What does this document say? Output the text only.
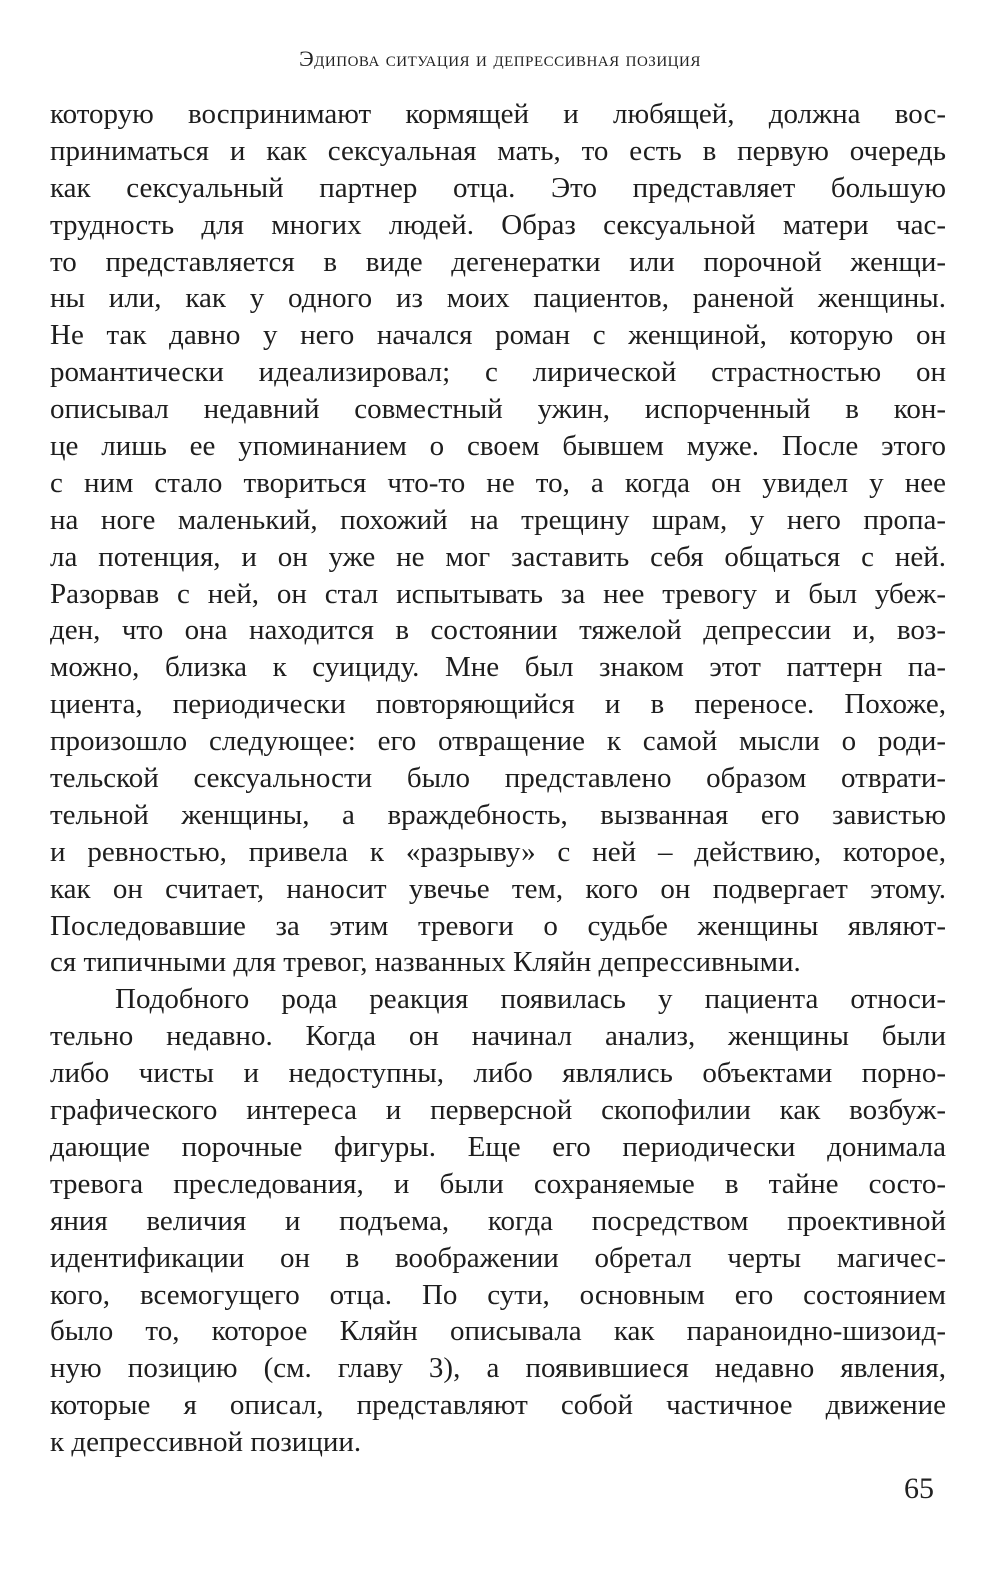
Эдипова ситуация и депрессивная позиция
которую воспринимают кормящей и любящей, должна вос-
приниматься и как сексуальная мать, то есть в первую очередь
как сексуальный партнер отца. Это представляет большую
трудность для многих людей. Образ сексуальной матери час-
то представляется в виде дегенератки или порочной женщи-
ны или, как у одного из моих пациентов, раненой женщины.
Не так давно у него начался роман с женщиной, которую он
романтически идеализировал; с лирической страстностью он
описывал недавний совместный ужин, испорченный в кон-
це лишь ее упоминанием о своем бывшем муже. После этого
с ним стало твориться что-то не то, а когда он увидел у нее
на ноге маленький, похожий на трещину шрам, у него пропа-
ла потенция, и он уже не мог заставить себя общаться с ней.
Разорвав с ней, он стал испытывать за нее тревогу и был убеж-
ден, что она находится в состоянии тяжелой депрессии и, воз-
можно, близка к суициду. Мне был знаком этот паттерн па-
циента, периодически повторяющийся и в переносе. Похоже,
произошло следующее: его отвращение к самой мысли о роди-
тельской сексуальности было представлено образом отврати-
тельной женщины, а враждебность, вызванная его завистью
и ревностью, привела к «разрыву» с ней – действию, которое,
как он считает, наносит увечье тем, кого он подвергает этому.
Последовавшие за этим тревоги о судьбе женщины являют-
ся типичными для тревог, названных Кляйн депрессивными.
Подобного рода реакция появилась у пациента относи-
тельно недавно. Когда он начинал анализ, женщины были
либо чисты и недоступны, либо являлись объектами порно-
графического интереса и перверсной скопофилии как возбуж-
дающие порочные фигуры. Еще его периодически донимала
тревога преследования, и были сохраняемые в тайне состо-
яния величия и подъема, когда посредством проективной
идентификации он в воображении обретал черты магичес-
кого, всемогущего отца. По сути, основным его состоянием
было то, которое Кляйн описывала как параноидно-шизоид-
ную позицию (см. главу 3), а появившиеся недавно явления,
которые я описал, представляют собой частичное движение
к депрессивной позиции.
65
